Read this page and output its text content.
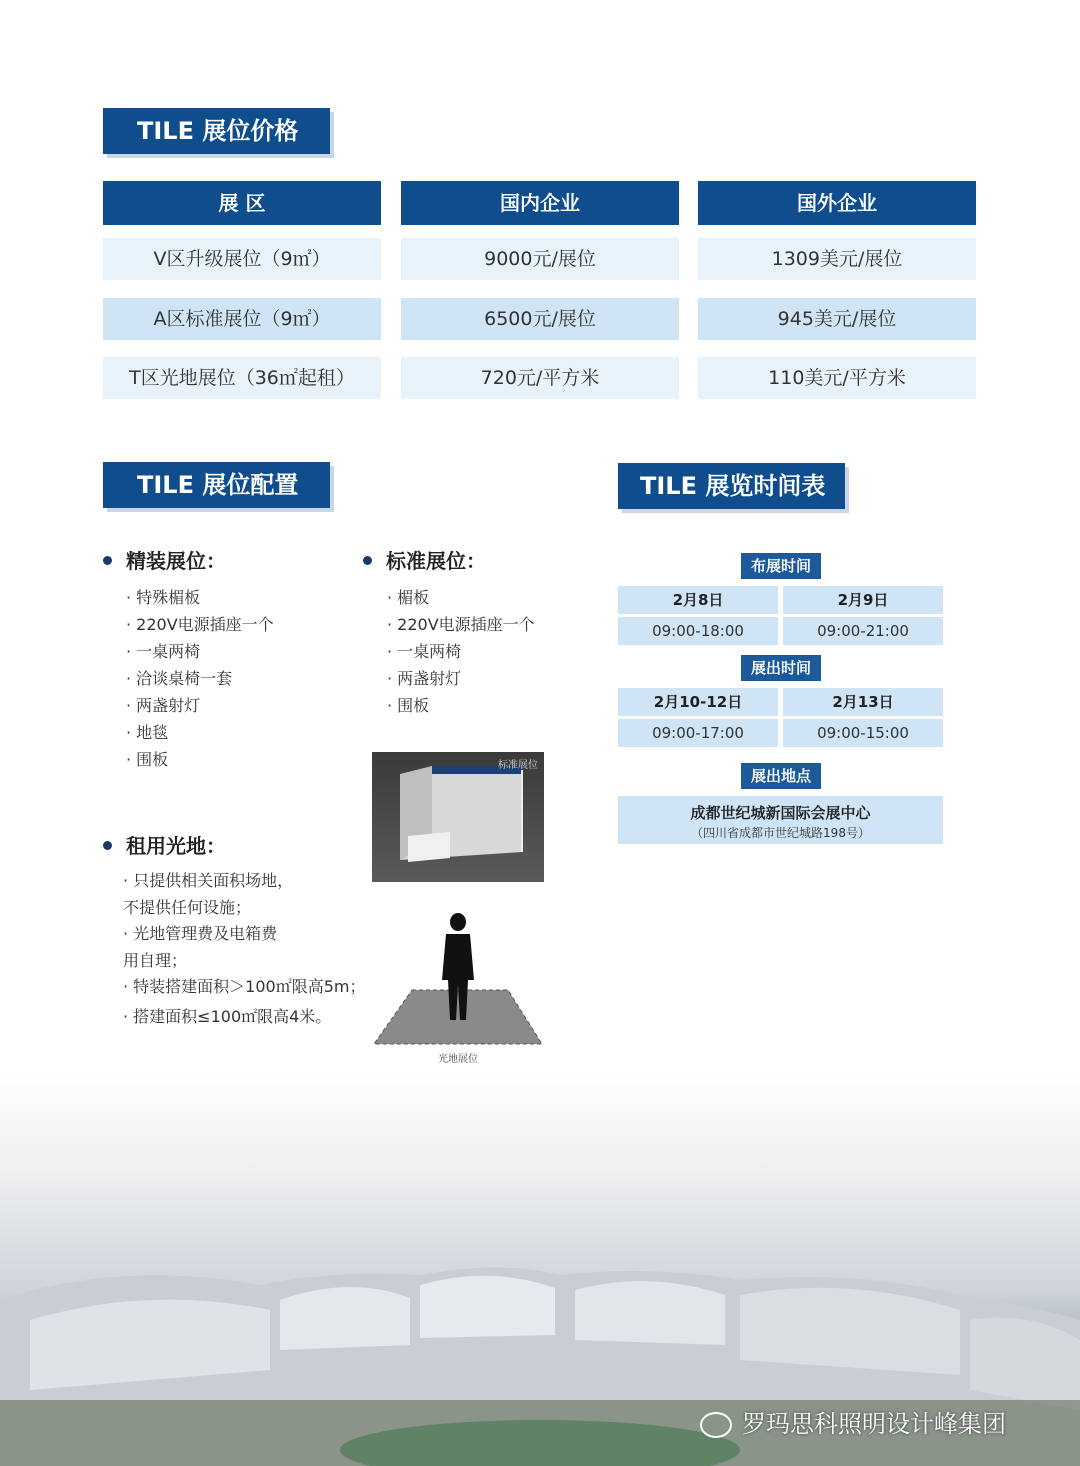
TILE 展位价格
展 区	国内企业	国外企业
V区升级展位（9㎡）	9000元/展位	1309美元/展位
A区标准展位（9㎡）	6500元/展位	945美元/展位
T区光地展位（36㎡起租）	720元/平方米	110美元/平方米
TILE 展位配置
精装展位：
· 特殊楣板
· 220V电源插座一个
· 一桌两椅
· 洽谈桌椅一套
· 两盏射灯
· 地毯
· 围板
标准展位：
· 楣板
· 220V电源插座一个
· 一桌两椅
· 两盏射灯
· 围板
标准展位
租用光地：
· 只提供相关面积场地，
不提供任何设施；
· 光地管理费及电箱费
用自理；
· 特装搭建面积＞100㎡限高5m；
· 搭建面积≤100㎡限高4米。
光地展位
TILE 展览时间表
布展时间
2月8日	2月9日
09:00-18:00	09:00-21:00
展出时间
2月10-12日	2月13日
09:00-17:00	09:00-15:00
展出地点
成都世纪城新国际会展中心
（四川省成都市世纪城路198号）
罗玛思科照明设计峰集团
